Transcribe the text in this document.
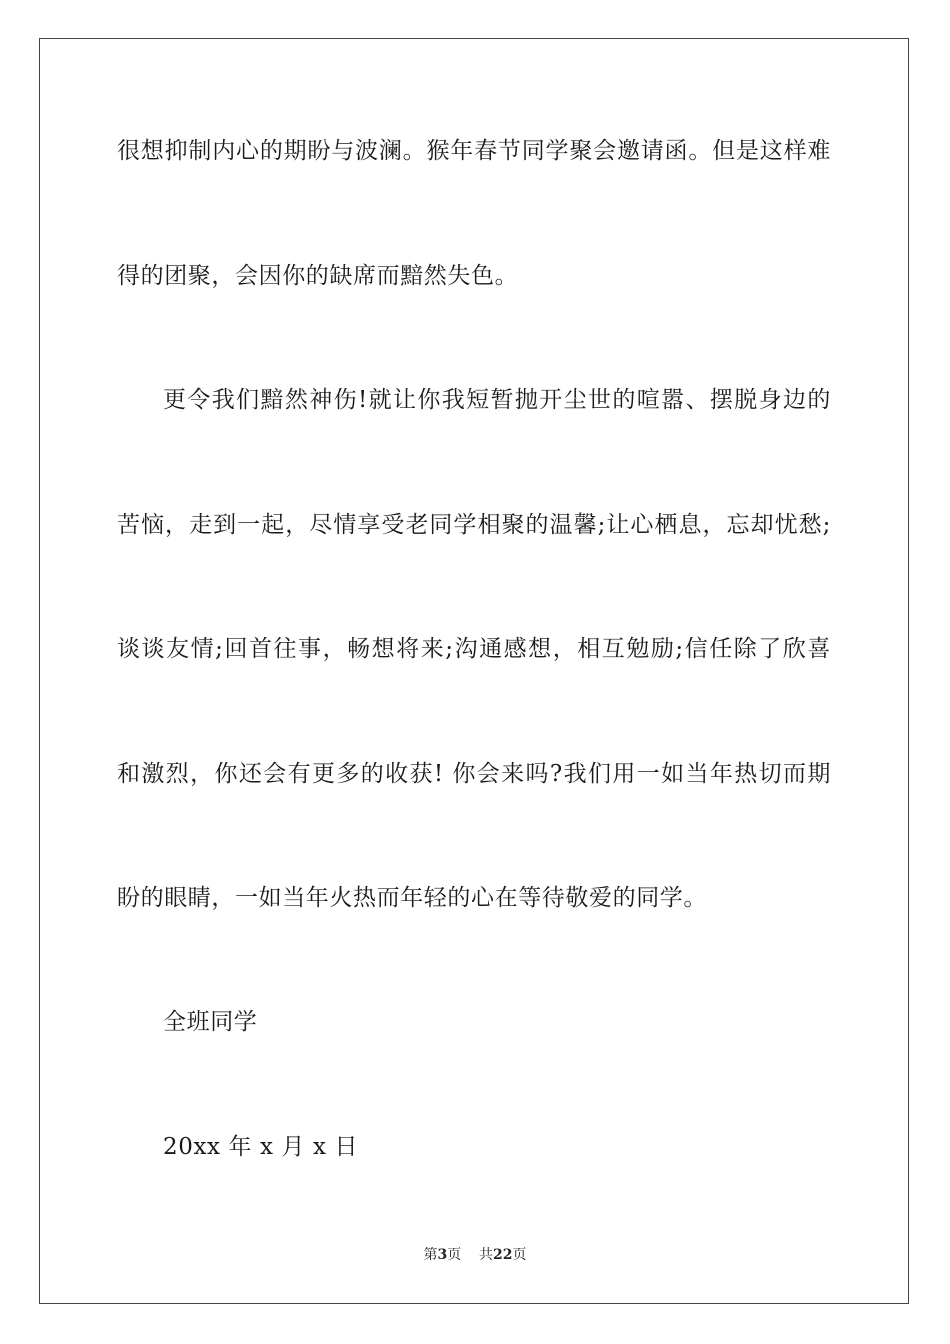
很想抑制内心的期盼与波澜。猴年春节同学聚会邀请函。但是这样难
得的团聚，会因你的缺席而黯然失色。
更令我们黯然神伤!就让你我短暂抛开尘世的喧嚣、摆脱身边的
苦恼，走到一起，尽情享受老同学相聚的温馨;让心栖息，忘却忧愁;
谈谈友情;回首往事，畅想将来;沟通感想，相互勉励;信任除了欣喜
和激烈，你还会有更多的收获! 你会来吗?我们用一如当年热切而期
盼的眼睛，一如当年火热而年轻的心在等待敬爱的同学。
全班同学
20xx 年 x 月 x 日
第3页 共22页
